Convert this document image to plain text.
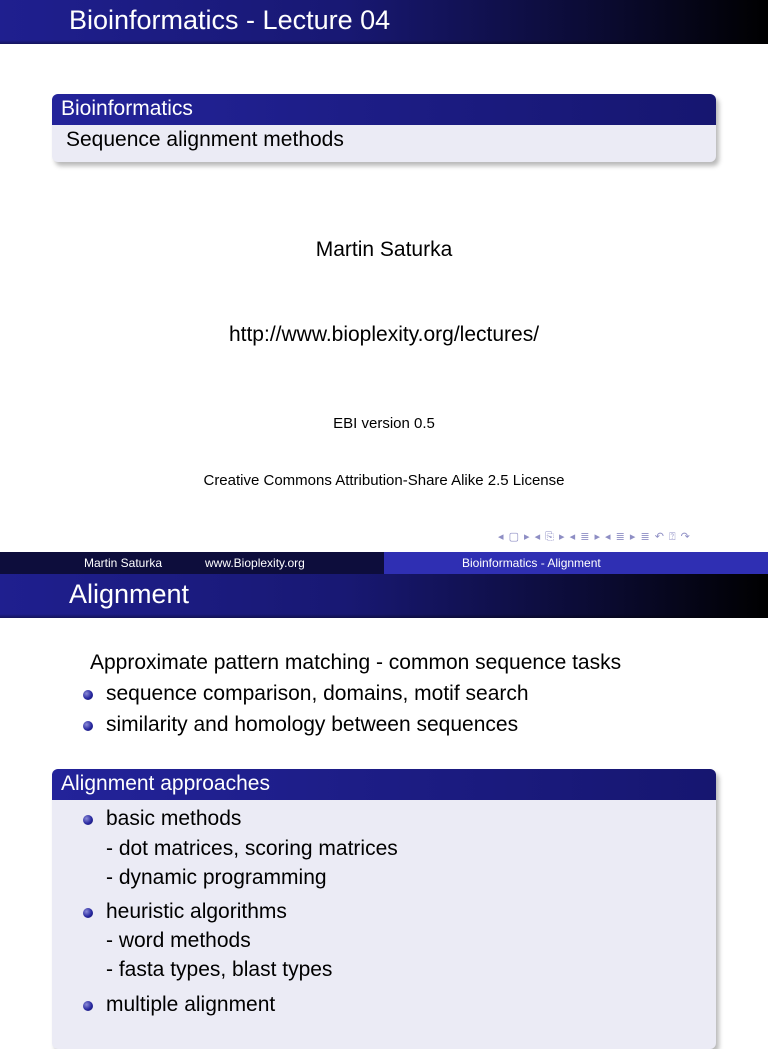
Bioinformatics - Lecture 04
Bioinformatics
Sequence alignment methods
Martin Saturka
http://www.bioplexity.org/lectures/
EBI version 0.5
Creative Commons Attribution-Share Alike 2.5 License
◂ ▢ ▸ ◂ ⎘ ▸ ◂ ≣ ▸ ◂ ≣ ▸ ≣ ↶ ⍰ ↷
Martin Saturka	www.Bioplexity.org	Bioinformatics - Alignment
Alignment
Approximate pattern matching - common sequence tasks
sequence comparison, domains, motif search
similarity and homology between sequences
Alignment approaches
basic methods
- dot matrices, scoring matrices
- dynamic programming
heuristic algorithms
- word methods
- fasta types, blast types
multiple alignment
